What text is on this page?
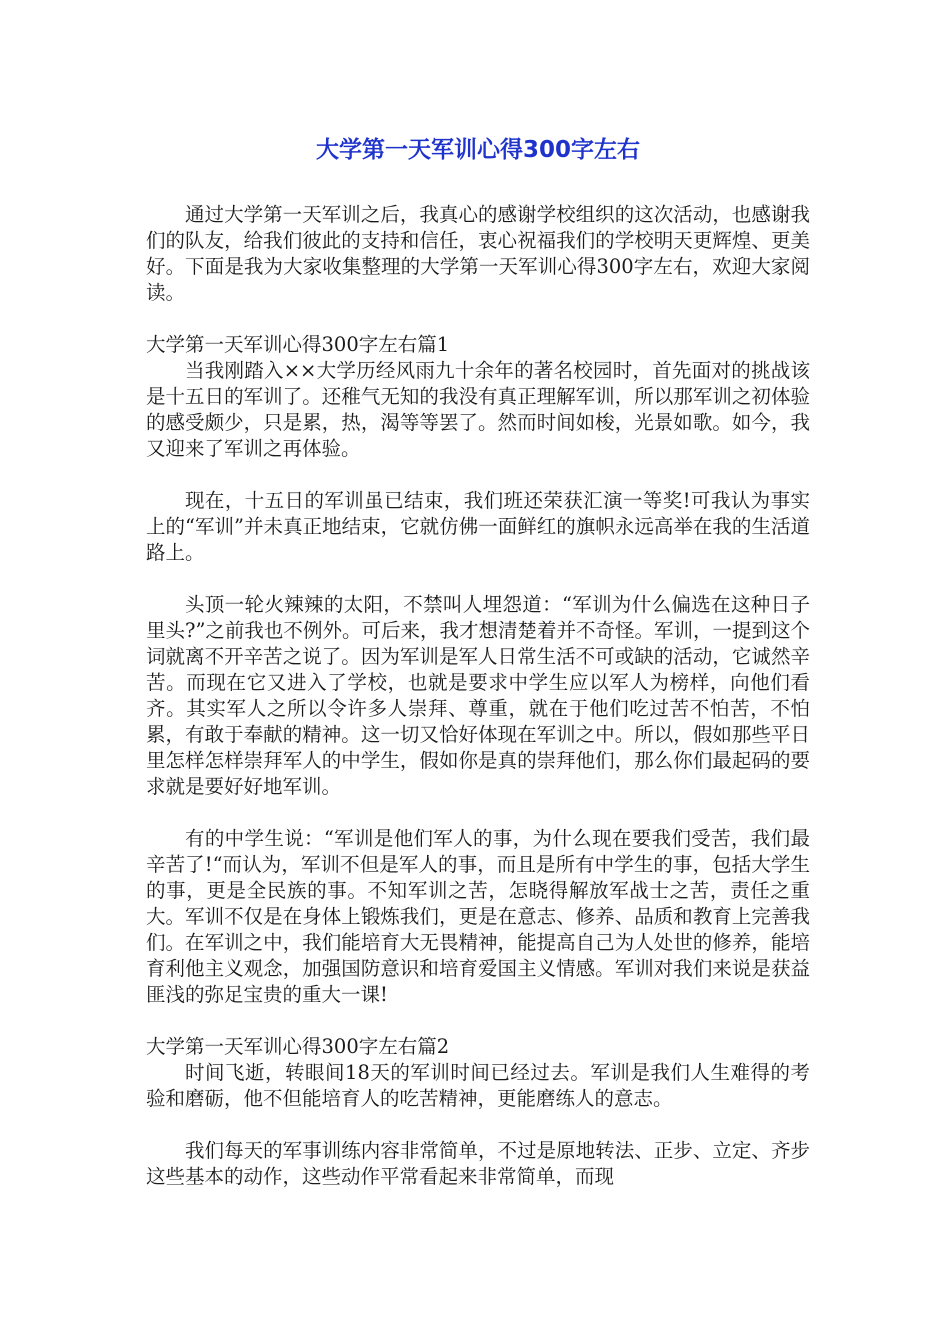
大学第一天军训心得300字左右

通过大学第一天军训之后，我真心的感谢学校组织的这次活动，也感谢我们的队友，给我们彼此的支持和信任，衷心祝福我们的学校明天更辉煌、更美好。下面是我为大家收集整理的大学第一天军训心得300字左右，欢迎大家阅读。

大学第一天军训心得300字左右篇1

当我刚踏入××大学历经风雨九十余年的著名校园时，首先面对的挑战该是十五日的军训了。还稚气无知的我没有真正理解军训，所以那军训之初体验的感受颇少，只是累，热，渴等等罢了。然而时间如梭，光景如歌。如今，我又迎来了军训之再体验。

现在，十五日的军训虽已结束，我们班还荣获汇演一等奖!可我认为事实上的“军训”并未真正地结束，它就仿佛一面鲜红的旗帜永远高举在我的生活道路上。

头顶一轮火辣辣的太阳，不禁叫人埋怨道：“军训为什么偏选在这种日子里头?”之前我也不例外。可后来，我才想清楚着并不奇怪。军训，一提到这个词就离不开辛苦之说了。因为军训是军人日常生活不可或缺的活动，它诚然辛苦。而现在它又进入了学校，也就是要求中学生应以军人为榜样，向他们看齐。其实军人之所以令许多人崇拜、尊重，就在于他们吃过苦不怕苦，不怕累，有敢于奉献的精神。这一切又恰好体现在军训之中。所以，假如那些平日里怎样怎样崇拜军人的中学生，假如你是真的崇拜他们，那么你们最起码的要求就是要好好地军训。

有的中学生说：“军训是他们军人的事，为什么现在要我们受苦，我们最辛苦了!“而认为，军训不但是军人的事，而且是所有中学生的事，包括大学生的事，更是全民族的事。不知军训之苦，怎晓得解放军战士之苦，责任之重大。军训不仅是在身体上锻炼我们，更是在意志、修养、品质和教育上完善我们。在军训之中，我们能培育大无畏精神，能提高自己为人处世的修养，能培育利他主义观念，加强国防意识和培育爱国主义情感。军训对我们来说是获益匪浅的弥足宝贵的重大一课!

大学第一天军训心得300字左右篇2

时间飞逝，转眼间18天的军训时间已经过去。军训是我们人生难得的考验和磨砺，他不但能培育人的吃苦精神，更能磨练人的意志。

我们每天的军事训练内容非常简单，不过是原地转法、正步、立定、齐步这些基本的动作，这些动作平常看起来非常简单，而现
